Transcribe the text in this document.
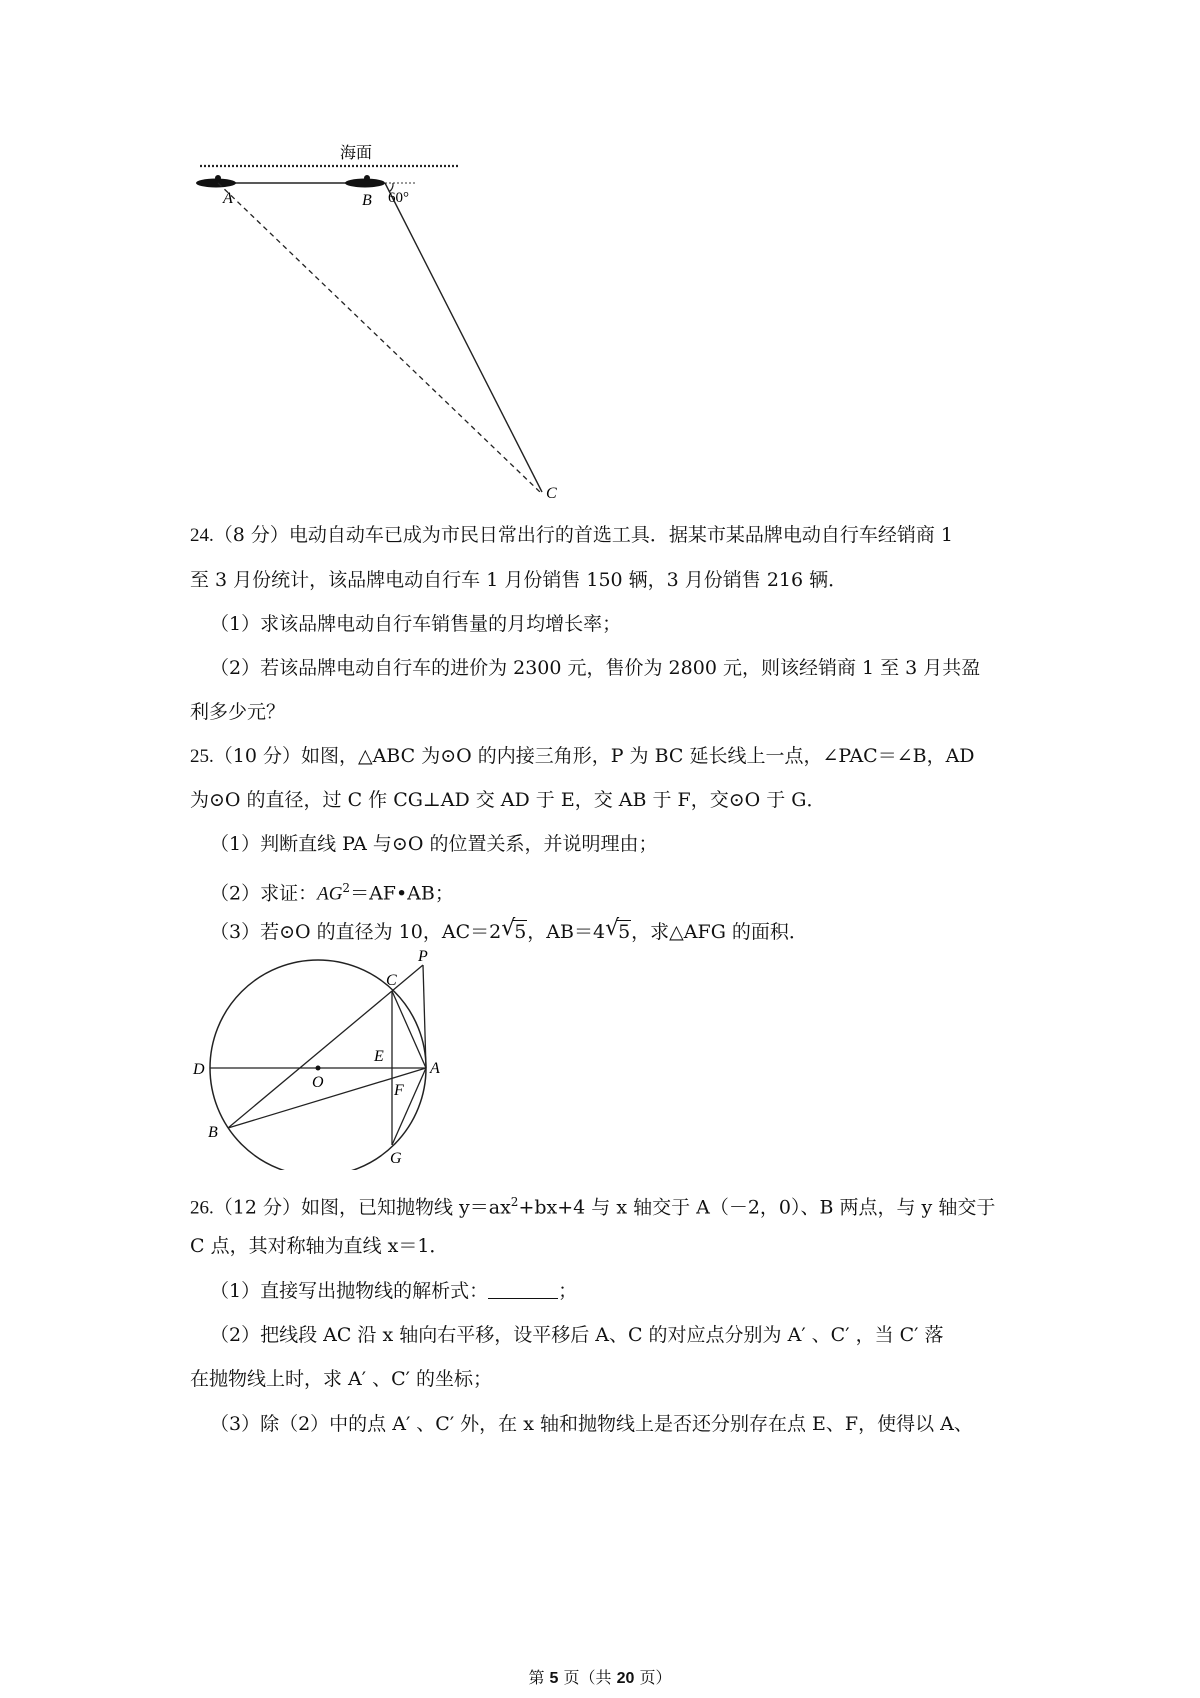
海面
A	B 60°
C
24.（8 分）电动自动车已成为市民日常出行的首选工具．据某市某品牌电动自行车经销商 1
至 3 月份统计，该品牌电动自行车 1 月份销售 150 辆，3 月份销售 216 辆．
（1）求该品牌电动自行车销售量的月均增长率；
（2）若该品牌电动自行车的进价为 2300 元，售价为 2800 元，则该经销商 1 至 3 月共盈
利多少元？
25.（10 分）如图，△ABC 为⊙O 的内接三角形，P 为 BC 延长线上一点，∠PAC＝∠B，AD
为⊙O 的直径，过 C 作 CG⊥AD 交 AD 于 E，交 AB 于 F，交⊙O 于 G．
（1）判断直线 PA 与⊙O 的位置关系，并说明理由；
（2）求证：$AG^2=AF•AB$；
（3）若⊙O 的直径为 10，AC＝2 √
5，AB＝4 √
5，求△AFG 的面积．
P
C
D
E
O
A
F
B
G
26.（12 分）如图，已知抛物线 $y=ax^2+bx+4$ 与 x 轴交于 A（－2，0）、B 两点，与 y 轴交于
C 点，其对称轴为直线 x＝1．
（1）直接写出抛物线的解析式：	；
（2）把线段 AC 沿 x 轴向右平移，设平移后 A、C 的对应点分别为 A′ 、C′ ，当 C′ 落
在抛物线上时，求 A′ 、C′ 的坐标；
（3）除（2）中的点 A′ 、C′ 外，在 x 轴和抛物线上是否还分别存在点 E、F，使得以 A、
第 5 页（共 20 页）
